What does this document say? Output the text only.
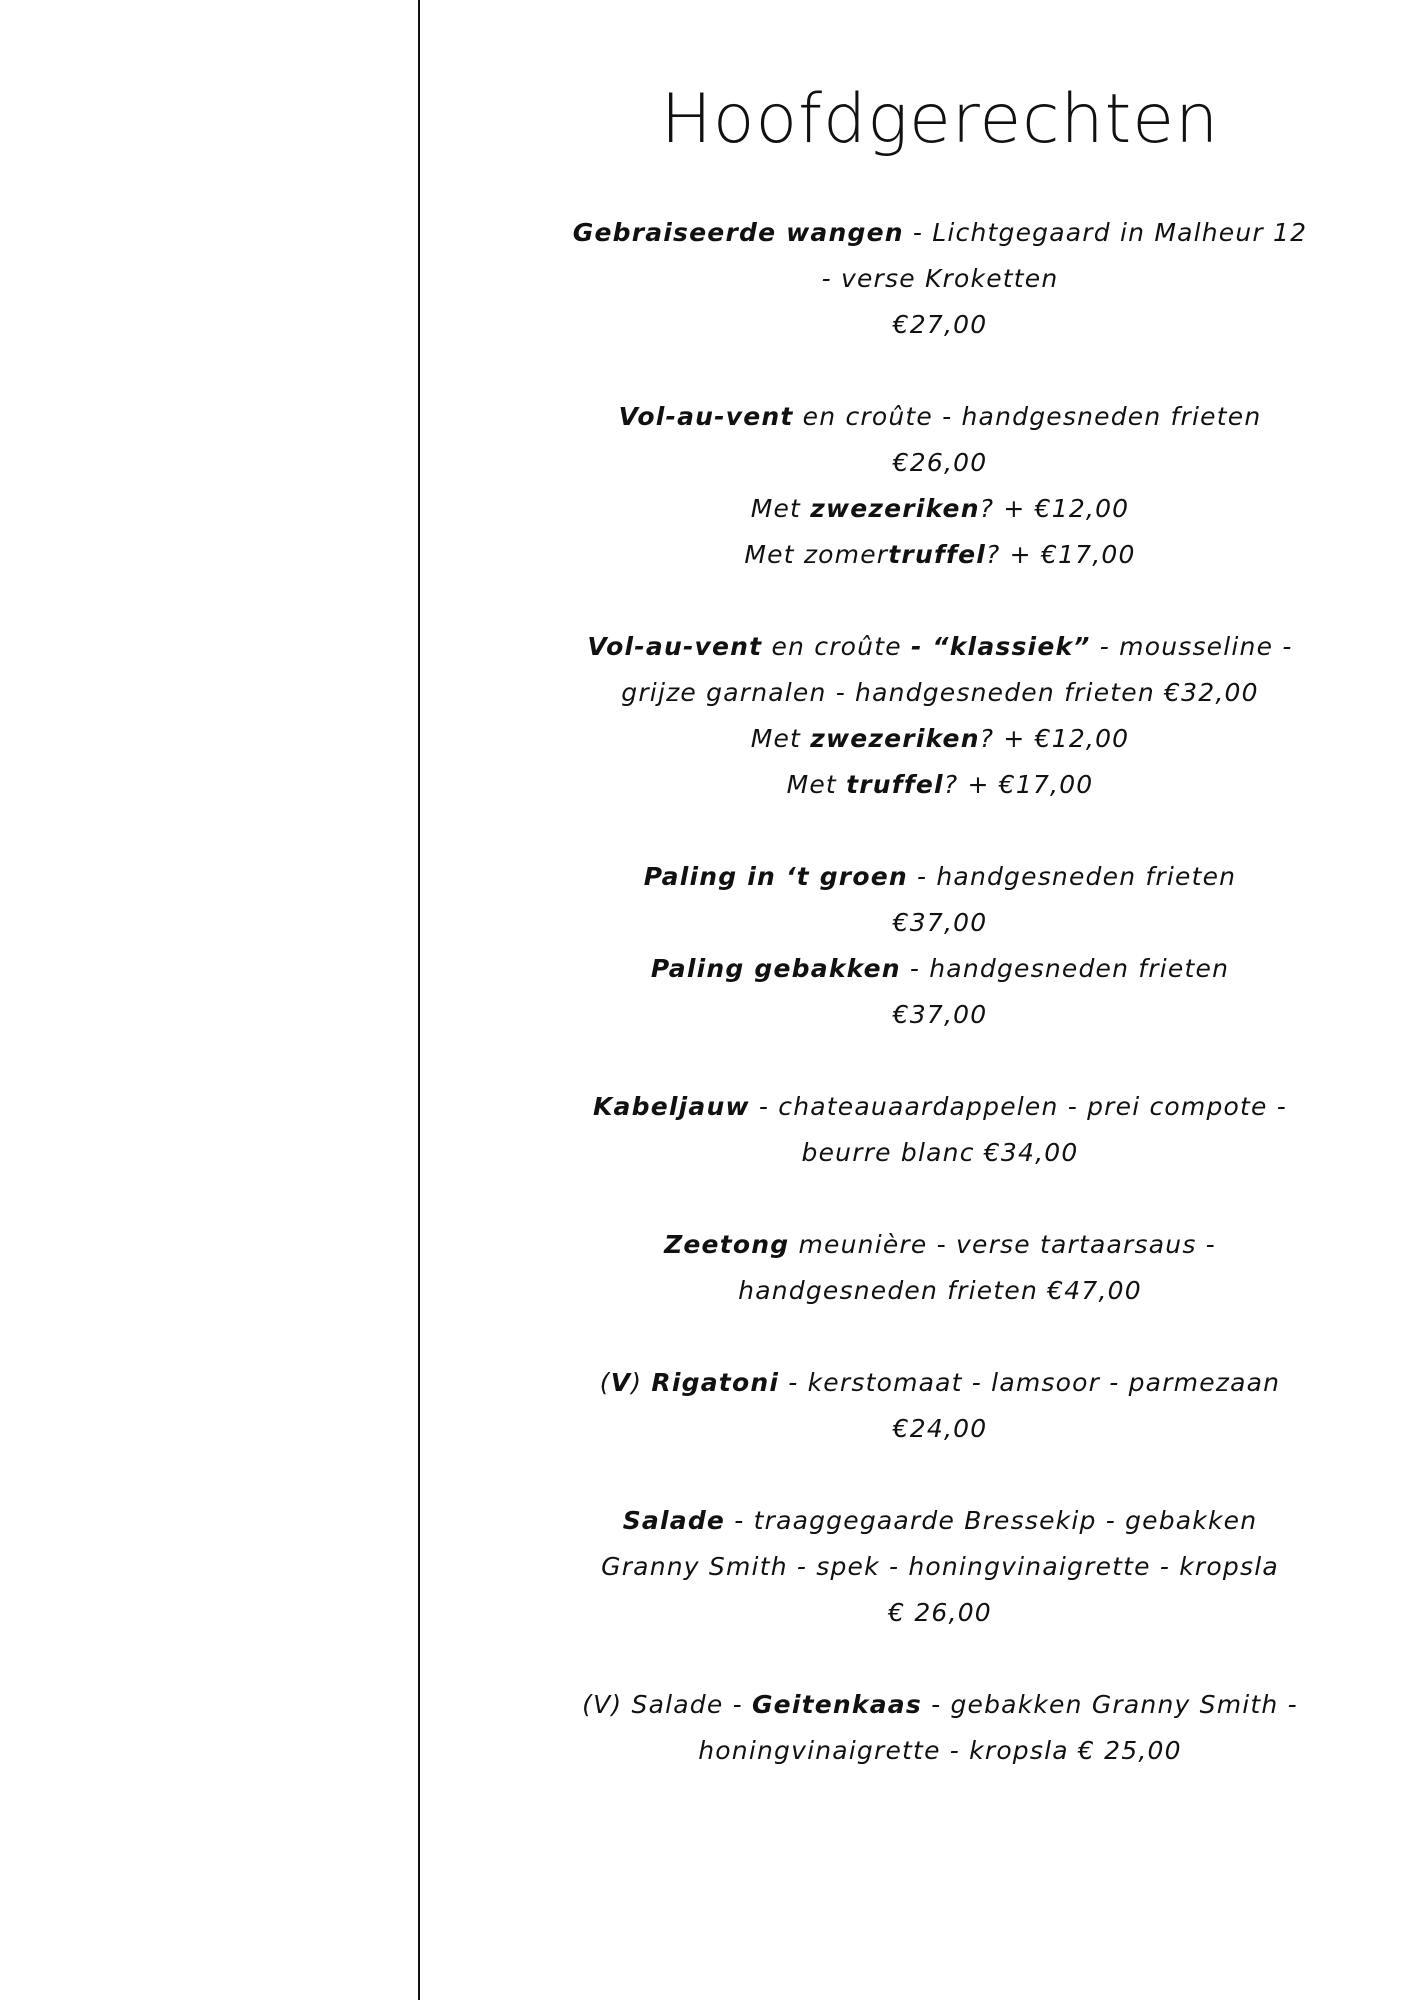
Hoofdgerechten
Gebraiseerde wangen - Lichtgegaard in Malheur 12
- verse Kroketten
€27,00
Vol-au-vent en croûte - handgesneden frieten
€26,00
Met zwezeriken? + €12,00
Met zomertruffel? + €17,00
Vol-au-vent en croûte - “klassiek” - mousseline -
grijze garnalen - handgesneden frieten €32,00
Met zwezeriken? + €12,00
Met truffel? + €17,00
Paling in ‘t groen - handgesneden frieten
€37,00
Paling gebakken - handgesneden frieten
€37,00
Kabeljauw - chateauaardappelen - prei compote -
beurre blanc €34,00
Zeetong meunière - verse tartaarsaus -
handgesneden frieten €47,00
(V) Rigatoni - kerstomaat - lamsoor - parmezaan
€24,00
Salade - traaggegaarde Bressekip - gebakken
Granny Smith - spek - honingvinaigrette - kropsla
€ 26,00
(V) Salade - Geitenkaas - gebakken Granny Smith -
honingvinaigrette - kropsla € 25,00
